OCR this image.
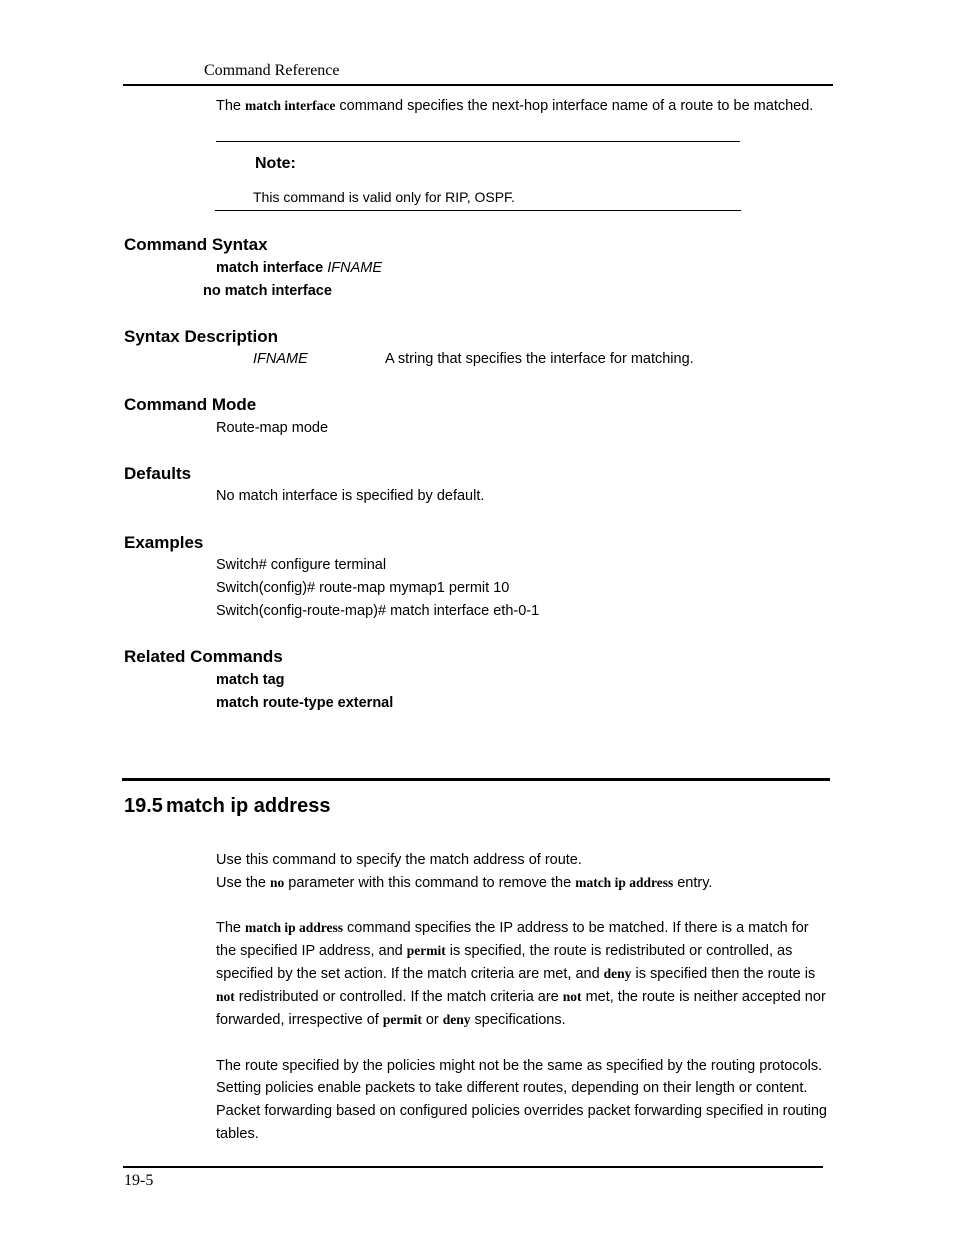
Command Reference
The match interface command specifies the next-hop interface name of a route to be matched.
Note:
This command is valid only for RIP, OSPF.
Command Syntax
match interface IFNAME
no match interface
Syntax Description
IFNAME	A string that specifies the interface for matching.
Command Mode
Route-map mode
Defaults
No match interface is specified by default.
Examples
Switch# configure terminal
Switch(config)# route-map mymap1 permit 10
Switch(config-route-map)# match interface eth-0-1
Related Commands
match tag
match route-type external
19.5 match ip address
Use this command to specify the match address of route.
Use the no parameter with this command to remove the match ip address entry.
The match ip address command specifies the IP address to be matched. If there is a match for
the specified IP address, and permit is specified, the route is redistributed or controlled, as
specified by the set action. If the match criteria are met, and deny is specified then the route is
not redistributed or controlled. If the match criteria are not met, the route is neither accepted nor
forwarded, irrespective of permit or deny specifications.
The route specified by the policies might not be the same as specified by the routing protocols.
Setting policies enable packets to take different routes, depending on their length or content.
Packet forwarding based on configured policies overrides packet forwarding specified in routing
tables.
19-5
